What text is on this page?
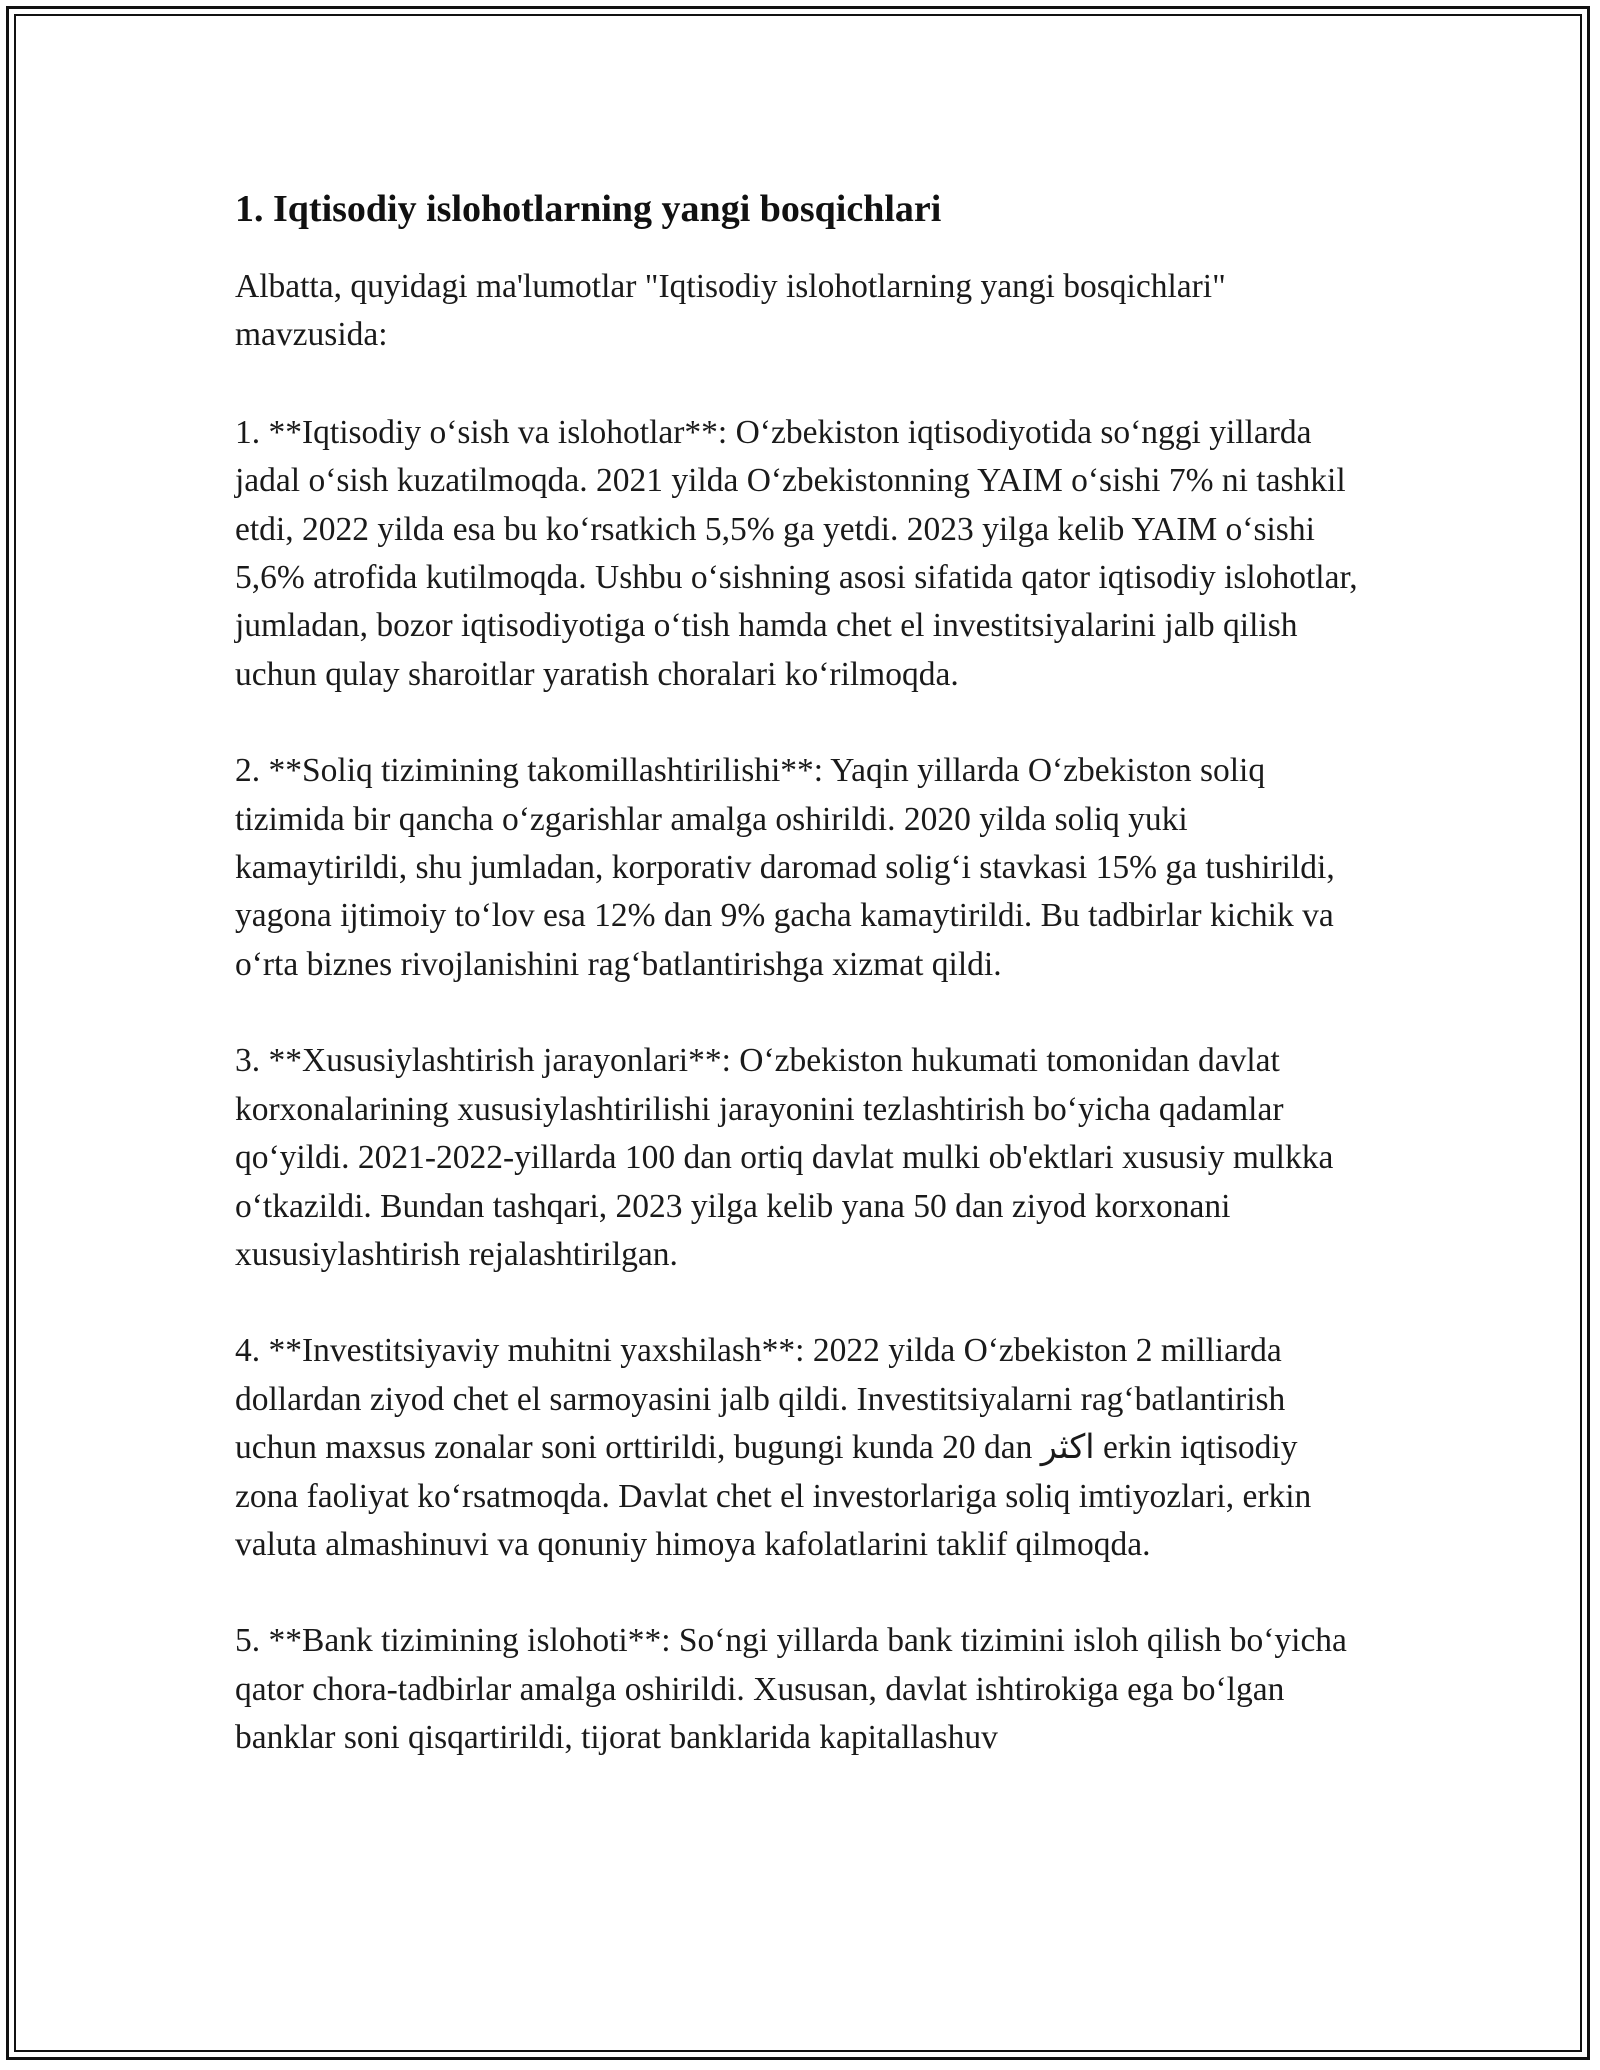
1. Iqtisodiy islohotlarning yangi bosqichlari

Albatta, quyidagi ma'lumotlar "Iqtisodiy islohotlarning yangi bosqichlari" mavzusida:

1. **Iqtisodiy o‘sish va islohotlar**: O‘zbekiston iqtisodiyotida so‘nggi yillarda jadal o‘sish kuzatilmoqda. 2021 yilda O‘zbekistonning YAIM o‘sishi 7% ni tashkil etdi, 2022 yilda esa bu ko‘rsatkich 5,5% ga yetdi. 2023 yilga kelib YAIM o‘sishi 5,6% atrofida kutilmoqda. Ushbu o‘sishning asosi sifatida qator iqtisodiy islohotlar, jumladan, bozor iqtisodiyotiga o‘tish hamda chet el investitsiyalarini jalb qilish uchun qulay sharoitlar yaratish choralari ko‘rilmoqda.

2. **Soliq tizimining takomillashtirilishi**: Yaqin yillarda O‘zbekiston soliq tizimida bir qancha o‘zgarishlar amalga oshirildi. 2020 yilda soliq yuki kamaytirildi, shu jumladan, korporativ daromad solig‘i stavkasi 15% ga tushirildi, yagona ijtimoiy to‘lov esa 12% dan 9% gacha kamaytirildi. Bu tadbirlar kichik va o‘rta biznes rivojlanishini rag‘batlantirishga xizmat qildi.

3. **Xususiylashtirish jarayonlari**: O‘zbekiston hukumati tomonidan davlat korxonalarining xususiylashtirilishi jarayonini tezlashtirish bo‘yicha qadamlar qo‘yildi. 2021-2022-yillarda 100 dan ortiq davlat mulki ob'ektlari xususiy mulkka o‘tkazildi. Bundan tashqari, 2023 yilga kelib yana 50 dan ziyod korxonani xususiylashtirish rejalashtirilgan.

4. **Investitsiyaviy muhitni yaxshilash**: 2022 yilda O‘zbekiston 2 milliarda dollardan ziyod chet el sarmoyasini jalb qildi. Investitsiyalarni rag‘batlantirish uchun maxsus zonalar soni orttirildi, bugungi kunda 20 dan اكثر erkin iqtisodiy zona faoliyat ko‘rsatmoqda. Davlat chet el investorlariga soliq imtiyozlari, erkin valuta almashinuvi va qonuniy himoya kafolatlarini taklif qilmoqda.

5. **Bank tizimining islohoti**: So‘ngi yillarda bank tizimini isloh qilish bo‘yicha qator chora-tadbirlar amalga oshirildi. Xususan, davlat ishtirokiga ega bo‘lgan banklar soni qisqartirildi, tijorat banklarida kapitallashuv
